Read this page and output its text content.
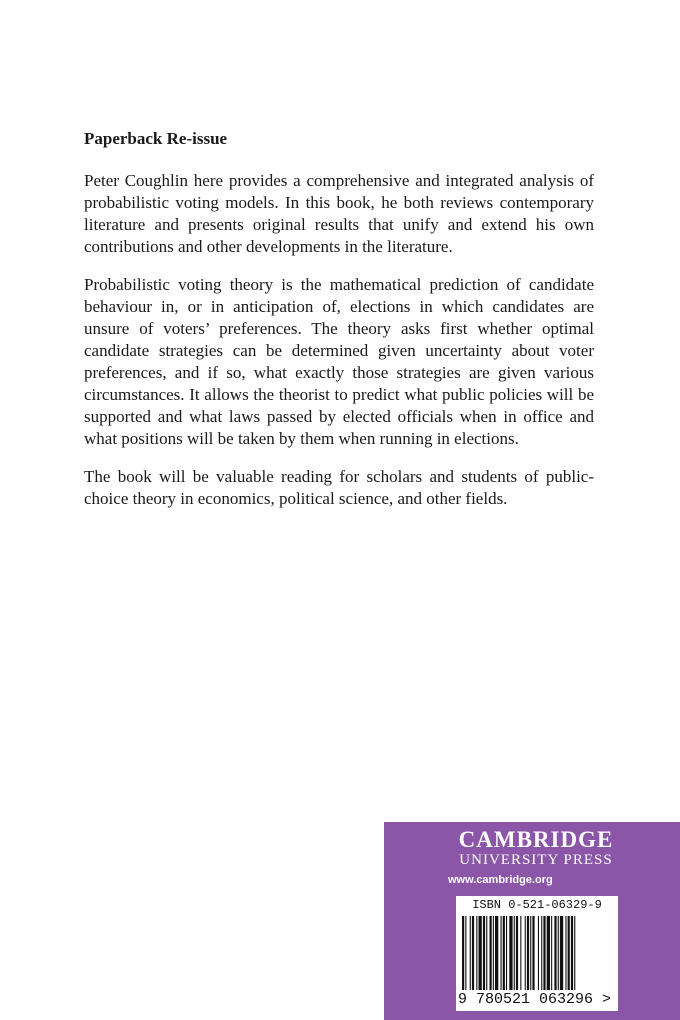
Paperback Re-issue

Peter Coughlin here provides a comprehensive and integrated analysis of probabilistic voting models. In this book, he both reviews contemporary literature and presents original results that unify and extend his own contributions and other developments in the literature.

Probabilistic voting theory is the mathematical prediction of candidate behaviour in, or in anticipation of, elections in which candidates are unsure of voters’ preferences. The theory asks first whether optimal candidate strategies can be determined given uncertainty about voter preferences, and if so, what exactly those strategies are given various circumstances. It allows the theorist to predict what public policies will be supported and what laws passed by elected officials when in office and what positions will be taken by them when running in elections.

The book will be valuable reading for scholars and students of public-choice theory in economics, political science, and other fields.

CAMBRIDGE
UNIVERSITY PRESS
www.cambridge.org
ISBN 0-521-06329-9
9 780521 063296 >
